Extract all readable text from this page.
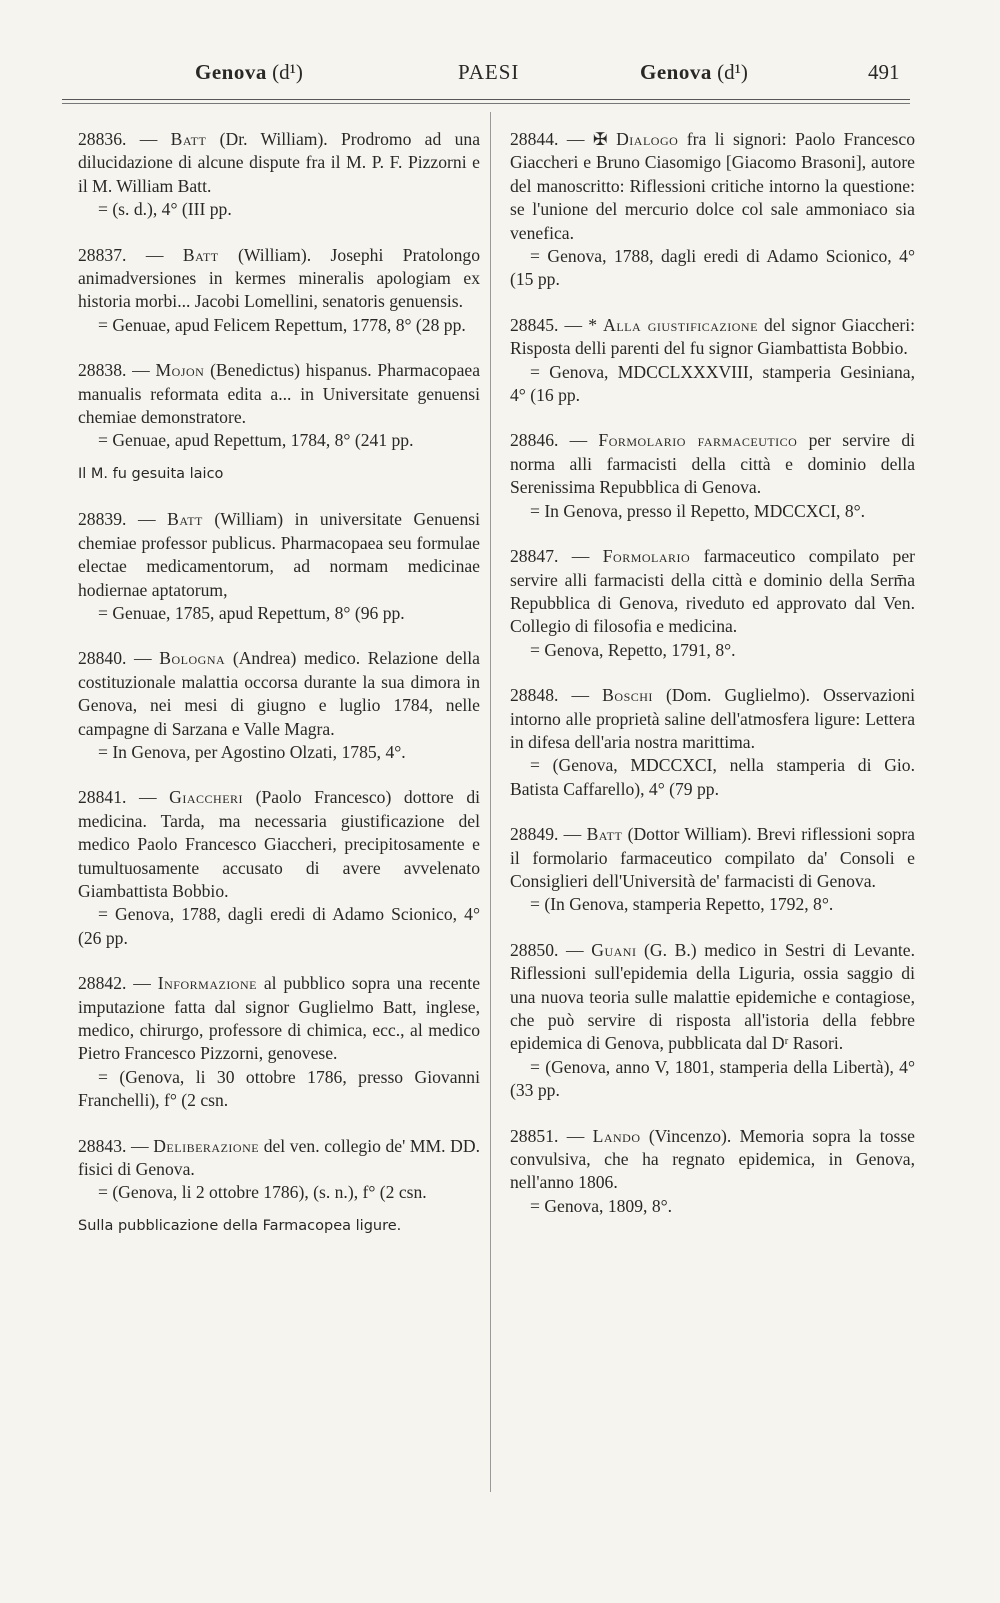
Genova (d¹)	PAESI	Genova (d¹)	491

28836. — Batt (Dr. William). Prodromo ad una dilucidazione di alcune dispute fra il M. P. F. Pizzorni e il M. William Batt.

= (s. d.), 4° (III pp.

28837. — Batt (William). Josephi Pratolongo animadversiones in kermes mineralis apologiam ex historia morbi... Jacobi Lomellini, senatoris genuensis.

= Genuae, apud Felicem Repettum, 1778, 8° (28 pp.

28838. — Mojon (Benedictus) hispanus. Pharmacopaea manualis reformata edita a... in Universitate genuensi chemiae demonstratore.

= Genuae, apud Repettum, 1784, 8° (241 pp.

Il M. fu gesuita laico

28839. — Batt (William) in universitate Genuensi chemiae professor publicus. Pharmacopaea seu formulae electae medicamentorum, ad normam medicinae hodiernae aptatorum,

= Genuae, 1785, apud Repettum, 8° (96 pp.

28840. — Bologna (Andrea) medico. Relazione della costituzionale malattia occorsa durante la sua dimora in Genova, nei mesi di giugno e luglio 1784, nelle campagne di Sarzana e Valle Magra.

= In Genova, per Agostino Olzati, 1785, 4°.

28841. — Giaccheri (Paolo Francesco) dottore di medicina. Tarda, ma necessaria giustificazione del medico Paolo Francesco Giaccheri, precipitosamente e tumultuosamente accusato di avere avvelenato Giambattista Bobbio.

= Genova, 1788, dagli eredi di Adamo Scionico, 4° (26 pp.

28842. — Informazione al pubblico sopra una recente imputazione fatta dal signor Guglielmo Batt, inglese, medico, chirurgo, professore di chimica, ecc., al medico Pietro Francesco Pizzorni, genovese.

= (Genova, li 30 ottobre 1786, presso Giovanni Franchelli), f° (2 csn.

28843. — Deliberazione del ven. collegio de' MM. DD. fisici di Genova.

= (Genova, li 2 ottobre 1786), (s. n.), f° (2 csn.

Sulla pubblicazione della Farmacopea ligure.

28844. — ✠ Dialogo fra li signori: Paolo Francesco Giaccheri e Bruno Ciasomigo [Giacomo Brasoni], autore del manoscritto: Riflessioni critiche intorno la questione: se l'unione del mercurio dolce col sale ammoniaco sia venefica.

= Genova, 1788, dagli eredi di Adamo Scionico, 4° (15 pp.

28845. — * Alla giustificazione del signor Giaccheri: Risposta delli parenti del fu signor Giambattista Bobbio.

= Genova, MDCCLXXXVIII, stamperia Gesiniana, 4° (16 pp.

28846. — Formolario farmaceutico per servire di norma alli farmacisti della città e dominio della Serenissima Repubblica di Genova.

= In Genova, presso il Repetto, MDCCXCI, 8°.

28847. — Formolario farmaceutico compilato per servire alli farmacisti della città e dominio della Serm̄a Repubblica di Genova, riveduto ed approvato dal Ven. Collegio di filosofia e medicina.

= Genova, Repetto, 1791, 8°.

28848. — Boschi (Dom. Guglielmo). Osservazioni intorno alle proprietà saline dell'atmosfera ligure: Lettera in difesa dell'aria nostra marittima.

= (Genova, MDCCXCI, nella stamperia di Gio. Batista Caffarello), 4° (79 pp.

28849. — Batt (Dottor William). Brevi riflessioni sopra il formolario farmaceutico compilato da' Consoli e Consiglieri dell'Università de' farmacisti di Genova.

= (In Genova, stamperia Repetto, 1792, 8°.

28850. — Guani (G. B.) medico in Sestri di Levante. Riflessioni sull'epidemia della Liguria, ossia saggio di una nuova teoria sulle malattie epidemiche e contagiose, che può servire di risposta all'istoria della febbre epidemica di Genova, pubblicata dal Dʳ Rasori.

= (Genova, anno V, 1801, stamperia della Libertà), 4° (33 pp.

28851. — Lando (Vincenzo). Memoria sopra la tosse convulsiva, che ha regnato epidemica, in Genova, nell'anno 1806.

= Genova, 1809, 8°.
